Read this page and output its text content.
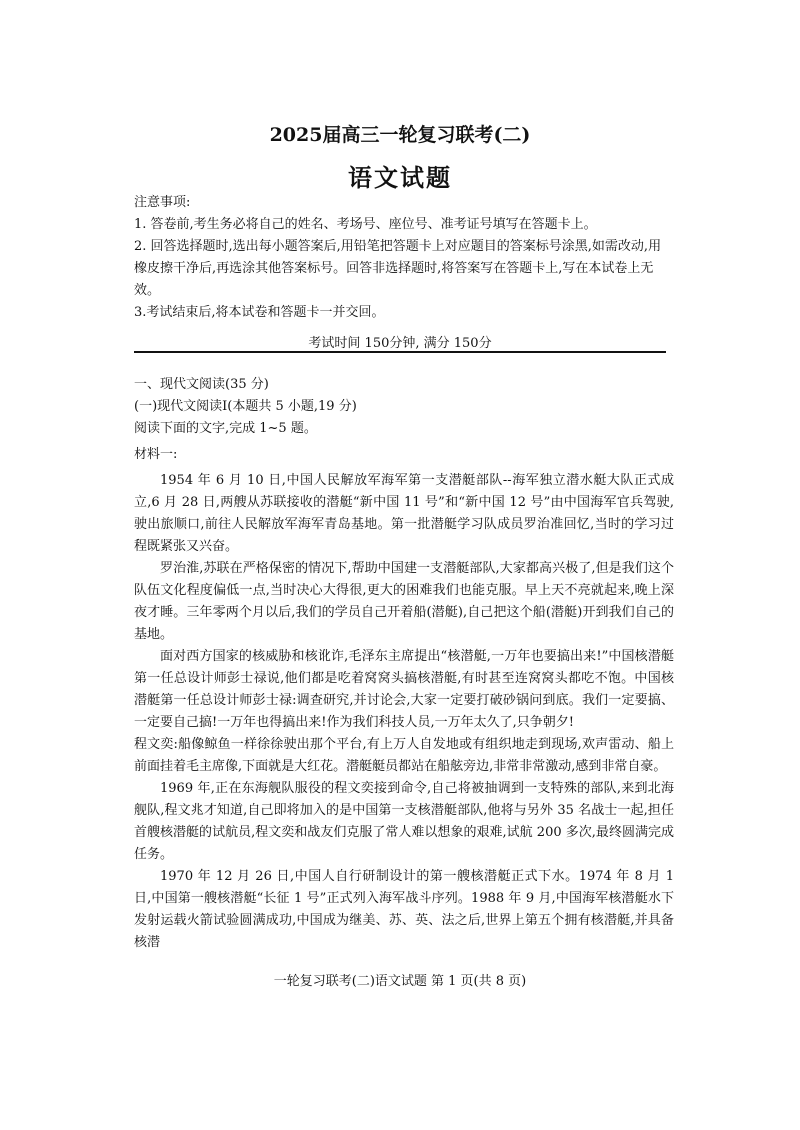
2025届高三一轮复习联考(二)
语文试题

注意事项:

1. 答卷前,考生务必将自己的姓名、考场号、座位号、准考证号填写在答题卡上。

2. 回答选择题时,选出每小题答案后,用铅笔把答题卡上对应题目的答案标号涂黑,如需改动,用橡皮擦干净后,再选涂其他答案标号。回答非选择题时,将答案写在答题卡上,写在本试卷上无效。

3.考试结束后,将本试卷和答题卡一并交回。

考试时间 150分钟, 满分 150分

一、现代文阅读(35 分)

(一)现代文阅读Ⅰ(本题共 5 小题,19 分)

阅读下面的文字,完成 1~5 题。

材料一:

1954 年 6 月 10 日,中国人民解放军海军第一支潜艇部队--海军独立潜水艇大队正式成立,6 月 28 日,两艘从苏联接收的潜艇“新中国 11 号”和“新中国 12 号”由中国海军官兵驾驶,驶出旅顺口,前往人民解放军海军青岛基地。第一批潜艇学习队成员罗治准回忆,当时的学习过程既紧张又兴奋。

罗治淮,苏联在严格保密的情况下,帮助中国建一支潜艇部队,大家都高兴极了,但是我们这个队伍文化程度偏低一点,当时决心大得很,更大的困难我们也能克服。早上天不亮就起来,晚上深夜才睡。三年零两个月以后,我们的学员自己开着船(潜艇),自己把这个船(潜艇)开到我们自己的基地。

面对西方国家的核威胁和核讹诈,毛泽东主席提出“核潜艇,一万年也要搞出来!”中国核潜艇第一任总设计师彭士禄说,他们都是吃着窝窝头搞核潜艇,有时甚至连窝窝头都吃不饱。中国核潜艇第一任总设计师彭士禄:调查研究,并讨论会,大家一定要打破砂锅问到底。我们一定要搞、一定要自己搞!一万年也得搞出来!作为我们科技人员,一万年太久了,只争朝夕!

程文奕:船像鲸鱼一样徐徐驶出那个平台,有上万人自发地或有组织地走到现场,欢声雷动、船上前面挂着毛主席像,下面就是大红花。潜艇艇员都站在船舷旁边,非常非常激动,感到非常自豪。

1969 年,正在东海舰队服役的程文奕接到命令,自己将被抽调到一支特殊的部队,来到北海舰队,程文兆才知道,自己即将加入的是中国第一支核潜艇部队,他将与另外 35 名战士一起,担任首艘核潜艇的试航员,程文奕和战友们克服了常人难以想象的艰难,试航 200 多次,最终圆满完成任务。

1970 年 12 月 26 日,中国人自行研制设计的第一艘核潜艇正式下水。1974 年 8 月 1 日,中国第一艘核潜艇“长征 1 号”正式列入海军战斗序列。1988 年 9 月,中国海军核潜艇水下发射运载火箭试验圆满成功,中国成为继美、苏、英、法之后,世界上第五个拥有核潜艇,并具备核潜

一轮复习联考(二)语文试题 第 1 页(共 8 页)
